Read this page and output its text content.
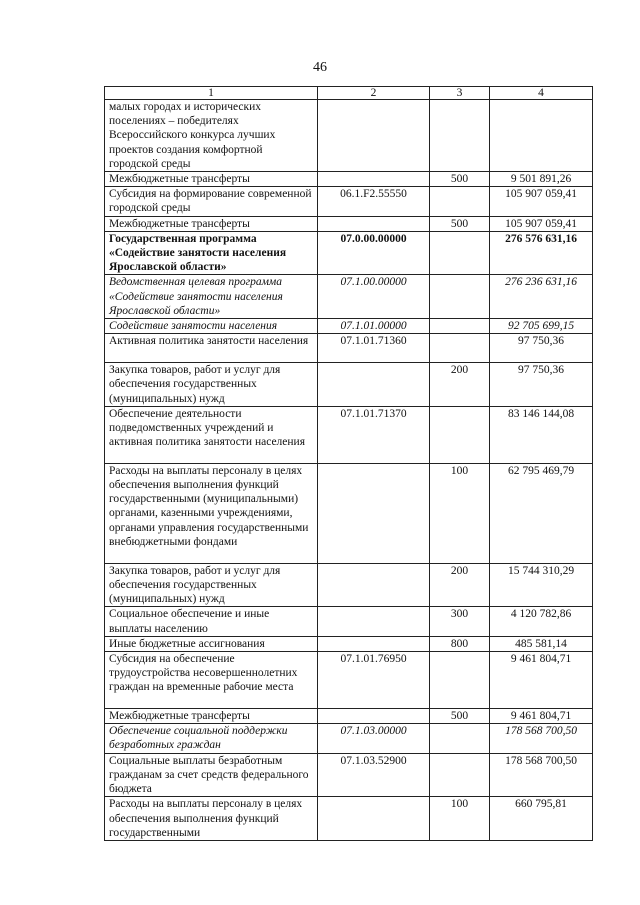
46
1	2	3	4
малых городах и исторических поселениях – победителях Всероссийского конкурса лучших проектов создания комфортной городской среды			
Межбюджетные трансферты		500	9 501 891,26
Субсидия на формирование современной городской среды	06.1.F2.55550		105 907 059,41
Межбюджетные трансферты		500	105 907 059,41
Государственная программа «Содействие занятости населения Ярославской области»	07.0.00.00000		276 576 631,16
Ведомственная целевая программа «Содействие занятости населения Ярославской области»	07.1.00.00000		276 236 631,16
Содействие занятости населения	07.1.01.00000		92 705 699,15
Активная политика занятости населения	07.1.01.71360		97 750,36
Закупка товаров, работ и услуг для обеспечения государственных (муниципальных) нужд		200	97 750,36
Обеспечение деятельности подведомственных учреждений и активная политика занятости населения	07.1.01.71370		83 146 144,08
Расходы на выплаты персоналу в целях обеспечения выполнения функций государственными (муниципальными) органами, казенными учреждениями, органами управления государственными внебюджетными фондами		100	62 795 469,79
Закупка товаров, работ и услуг для обеспечения государственных (муниципальных) нужд		200	15 744 310,29
Социальное обеспечение и иные выплаты населению		300	4 120 782,86
Иные бюджетные ассигнования		800	485 581,14
Субсидия на обеспечение трудоустройства несовершеннолетних граждан на временные рабочие места	07.1.01.76950		9 461 804,71
Межбюджетные трансферты		500	9 461 804,71
Обеспечение социальной поддержки безработных граждан	07.1.03.00000		178 568 700,50
Социальные выплаты безработным гражданам за счет средств федерального бюджета	07.1.03.52900		178 568 700,50
Расходы на выплаты персоналу в целях обеспечения выполнения функций государственными		100	660 795,81
